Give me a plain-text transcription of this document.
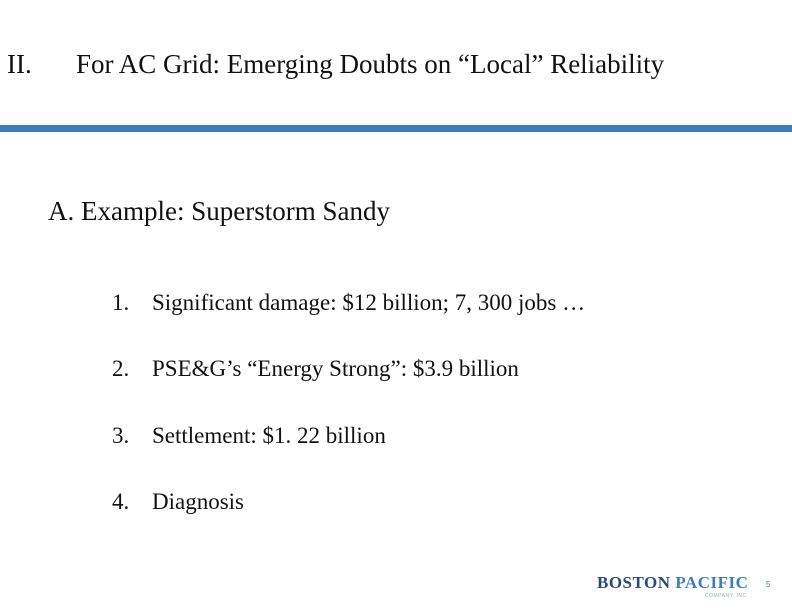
II. For AC Grid: Emerging Doubts on “Local” Reliability
A. Example: Superstorm Sandy
1. Significant damage: $12 billion; 7, 300 jobs …
2. PSE&G’s “Energy Strong”: $3.9 billion
3. Settlement: $1. 22 billion
4. Diagnosis
BOSTON PACIFIC
COMPANY, INC
5
